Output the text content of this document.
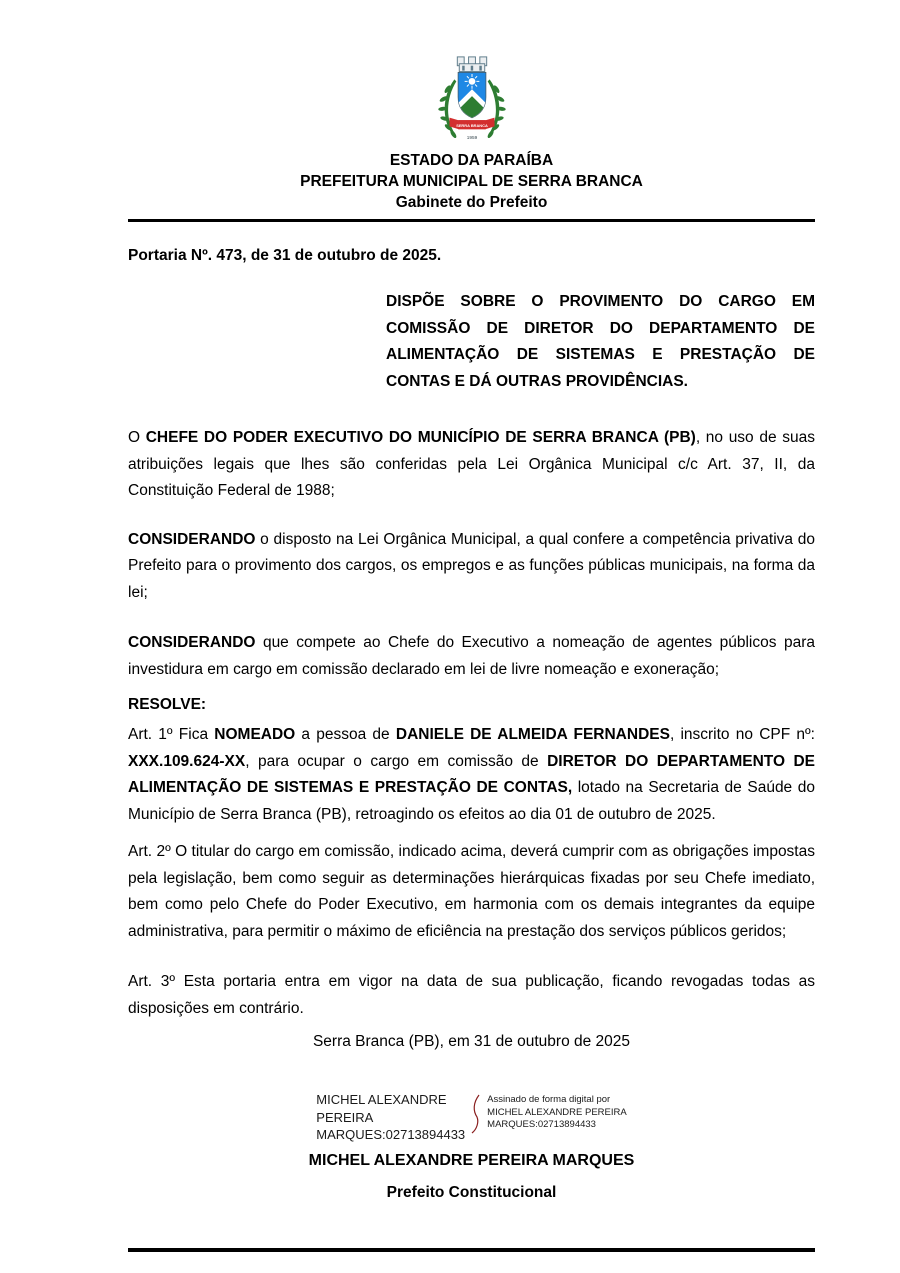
SERRA BRANCA
1959
ESTADO DA PARAÍBA
PREFEITURA MUNICIPAL DE SERRA BRANCA
Gabinete do Prefeito

Portaria Nº. 473, de 31 de outubro de 2025.

DISPÕE SOBRE O PROVIMENTO DO CARGO EM COMISSÃO DE DIRETOR DO DEPARTAMENTO DE ALIMENTAÇÃO DE SISTEMAS E PRESTAÇÃO DE CONTAS E DÁ OUTRAS PROVIDÊNCIAS.

O CHEFE DO PODER EXECUTIVO DO MUNICÍPIO DE SERRA BRANCA (PB), no uso de suas atribuições legais que lhes são conferidas pela Lei Orgânica Municipal c/c Art. 37, II, da Constituição Federal de 1988;

CONSIDERANDO o disposto na Lei Orgânica Municipal, a qual confere a competência privativa do Prefeito para o provimento dos cargos, os empregos e as funções públicas municipais, na forma da lei;

CONSIDERANDO que compete ao Chefe do Executivo a nomeação de agentes públicos para investidura em cargo em comissão declarado em lei de livre nomeação e exoneração;

RESOLVE:

Art. 1º Fica NOMEADO a pessoa de DANIELE DE ALMEIDA FERNANDES, inscrito no CPF nº: XXX.109.624-XX, para ocupar o cargo em comissão de DIRETOR DO DEPARTAMENTO DE ALIMENTAÇÃO DE SISTEMAS E PRESTAÇÃO DE CONTAS, lotado na Secretaria de Saúde do Município de Serra Branca (PB), retroagindo os efeitos ao dia 01 de outubro de 2025.

Art. 2º O titular do cargo em comissão, indicado acima, deverá cumprir com as obrigações impostas pela legislação, bem como seguir as determinações hierárquicas fixadas por seu Chefe imediato, bem como pelo Chefe do Poder Executivo, em harmonia com os demais integrantes da equipe administrativa, para permitir o máximo de eficiência na prestação dos serviços públicos geridos;

Art. 3º Esta portaria entra em vigor na data de sua publicação, ficando revogadas todas as disposições em contrário.

Serra Branca (PB), em 31 de outubro de 2025

MICHEL ALEXANDRE
PEREIRA
MARQUES:02713894433
Assinado de forma digital por
MICHEL ALEXANDRE PEREIRA
MARQUES:02713894433

MICHEL ALEXANDRE PEREIRA MARQUES

Prefeito Constitucional
